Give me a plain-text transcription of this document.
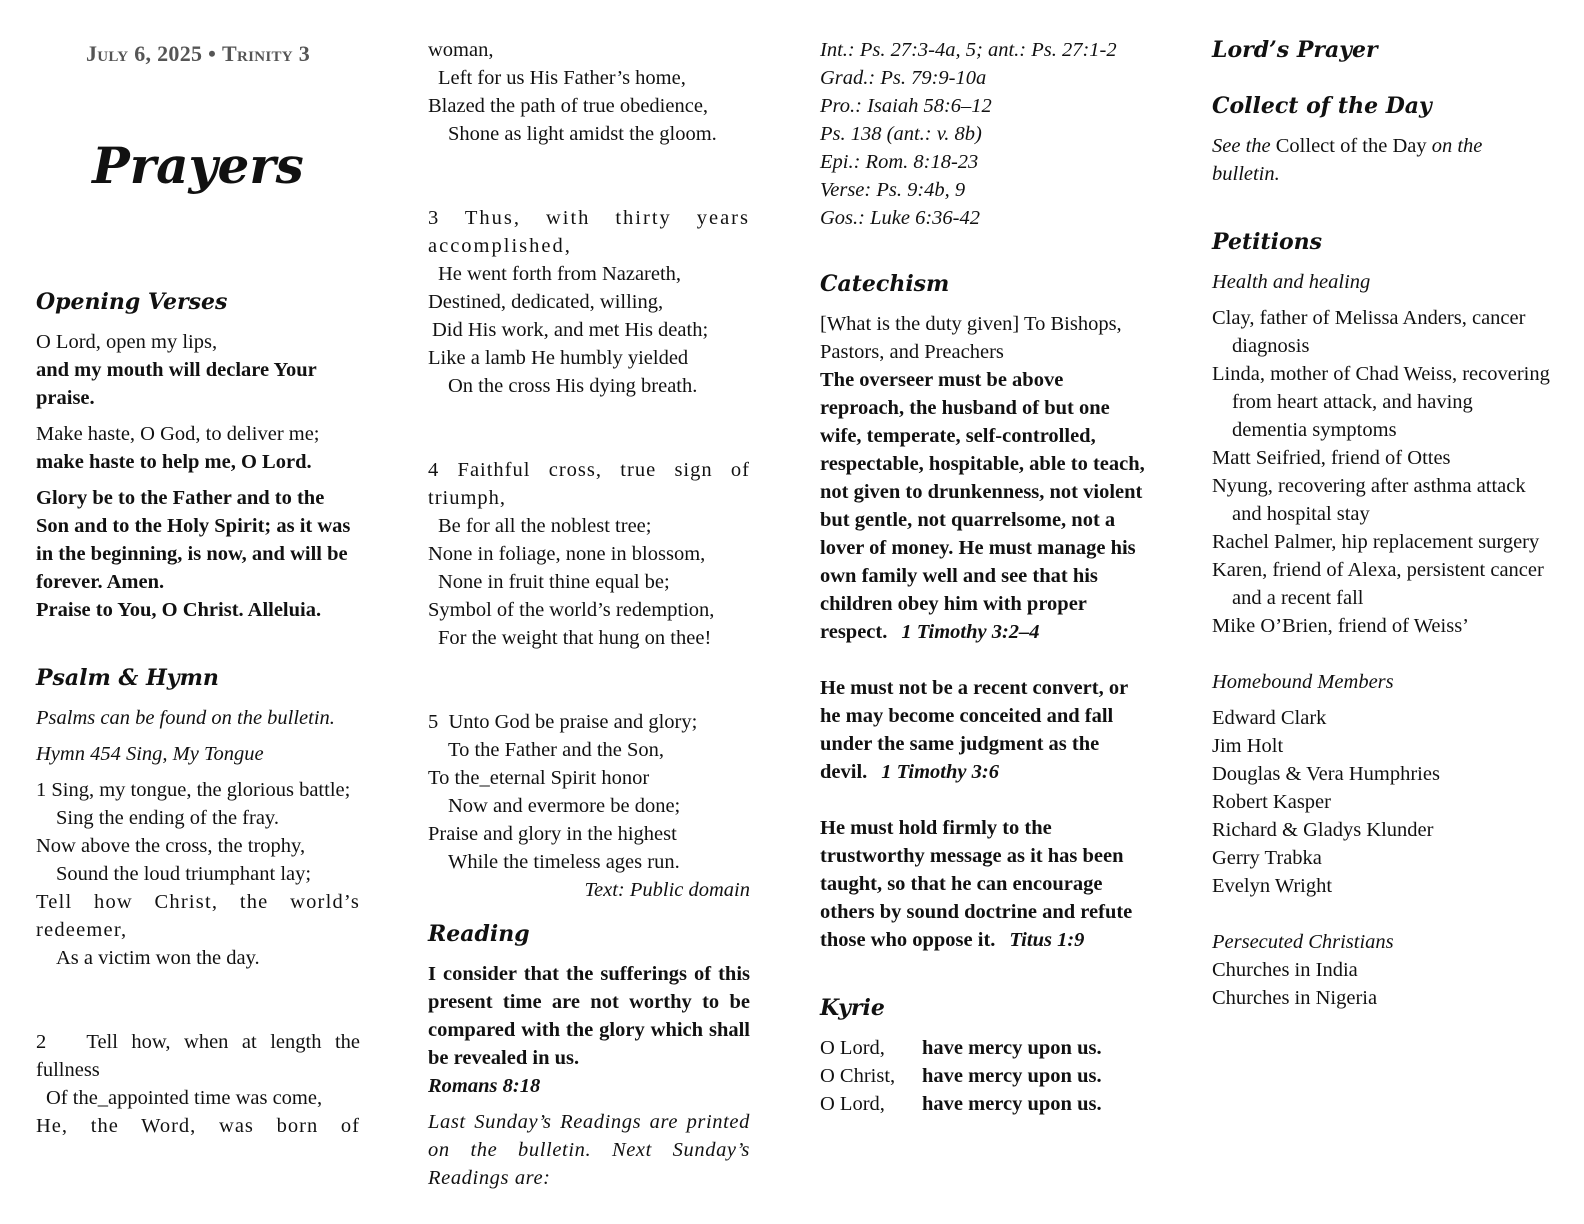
July 6, 2025 • Trinity 3
Prayers
Opening Verses

O Lord, open my lips,

and my mouth will declare Your praise.

Make haste, O God, to deliver me;

make haste to help me, O Lord.

Glory be to the Father and to the Son and to the Holy Spirit; as it was in the beginning, is now, and will be forever. Amen.

Praise to You, O Christ. Alleluia.

Psalm & Hymn

Psalms can be found on the bulletin.

Hymn 454 Sing, My Tongue

1 Sing, my tongue, the glorious battle;

Sing the ending of the fray.

Now above the cross, the trophy,

Sound the loud triumphant lay;

Tell how Christ, the world’s redeemer,

As a victim won the day.

2   Tell how, when at length the fullness

Of the_appointed time was come,

He, the Word, was born of

woman,

Left for us His Father’s home,

Blazed the path of true obedience,

Shone as light amidst the gloom.

3 Thus, with thirty years accomplished,

He went forth from Nazareth,

Destined, dedicated, willing,

Did His work, and met His death;

Like a lamb He humbly yielded

On the cross His dying breath.

4 Faithful cross, true sign of triumph,

Be for all the noblest tree;

None in foliage, none in blossom,

None in fruit thine equal be;

Symbol of the world’s redemption,

For the weight that hung on thee!

5  Unto God be praise and glory;

To the Father and the Son,

To the_eternal Spirit honor

Now and evermore be done;

Praise and glory in the highest

While the timeless ages run.

Text: Public domain

Reading

I consider that the sufferings of this present time are not worthy to be compared with the glory which shall be revealed in us.

Romans 8:18

Last Sunday’s Readings are printed on the bulletin. Next Sunday’s Readings are:

Int.: Ps. 27:3-4a, 5; ant.: Ps. 27:1-2

Grad.: Ps. 79:9-10a

Pro.: Isaiah 58:6–12

Ps. 138 (ant.: v. 8b)

Epi.: Rom. 8:18-23

Verse: Ps. 9:4b, 9

Gos.: Luke 6:36-42

Catechism

[What is the duty given] To Bishops, Pastors, and Preachers

The overseer must be above reproach, the husband of but one wife, temperate, self-controlled, respectable, hospitable, able to teach, not given to drunkenness, not violent but gentle, not quarrelsome, not a lover of money. He must manage his own family well and see that his children obey him with proper respect. 1 Timothy 3:2–4

He must not be a recent convert, or he may become conceited and fall under the same judgment as the devil. 1 Timothy 3:6

He must hold firmly to the trustworthy message as it has been taught, so that he can encourage others by sound doctrine and refute those who oppose it. Titus 1:9

Kyrie
O Lord,	have mercy upon us.
O Christ,	have mercy upon us.
O Lord,	have mercy upon us.
Lord’s Prayer
Collect of the Day

See the Collect of the Day on the bulletin.

Petitions

Health and healing

Clay, father of Melissa Anders, cancer diagnosis

Linda, mother of Chad Weiss, recovering from heart attack, and having dementia symptoms

Matt Seifried, friend of Ottes

Nyung, recovering after asthma attack and hospital stay

Rachel Palmer, hip replacement surgery

Karen, friend of Alexa, persistent cancer and a recent fall

Mike O’Brien, friend of Weiss’

Homebound Members

Edward Clark

Jim Holt

Douglas & Vera Humphries

Robert Kasper

Richard & Gladys Klunder

Gerry Trabka

Evelyn Wright

Persecuted Christians

Churches in India

Churches in Nigeria
